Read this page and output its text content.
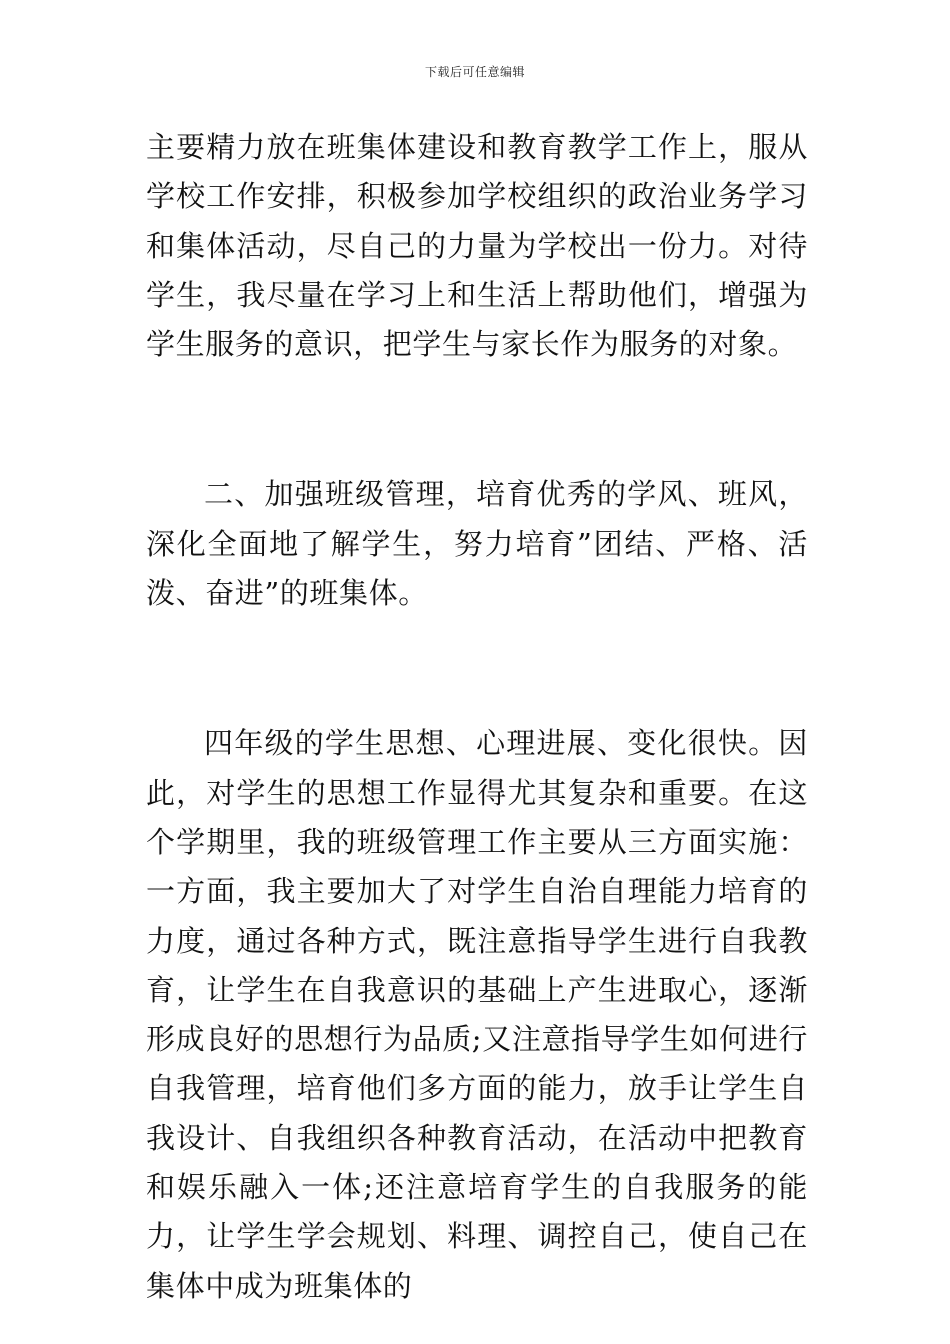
下载后可任意编辑

主要精力放在班集体建设和教育教学工作上，服从学校工作安排，积极参加学校组织的政治业务学习和集体活动，尽自己的力量为学校出一份力。对待学生，我尽量在学习上和生活上帮助他们，增强为学生服务的意识，把学生与家长作为服务的对象。

二、加强班级管理，培育优秀的学风、班风，深化全面地了解学生，努力培育”团结、严格、活泼、奋进”的班集体。

四年级的学生思想、心理进展、变化很快。因此，对学生的思想工作显得尤其复杂和重要。在这个学期里，我的班级管理工作主要从三方面实施：一方面，我主要加大了对学生自治自理能力培育的力度，通过各种方式，既注意指导学生进行自我教育，让学生在自我意识的基础上产生进取心，逐渐形成良好的思想行为品质;又注意指导学生如何进行自我管理，培育他们多方面的能力，放手让学生自我设计、自我组织各种教育活动，在活动中把教育和娱乐融入一体;还注意培育学生的自我服务的能力，让学生学会规划、料理、调控自己，使自己在集体中成为班集体的
